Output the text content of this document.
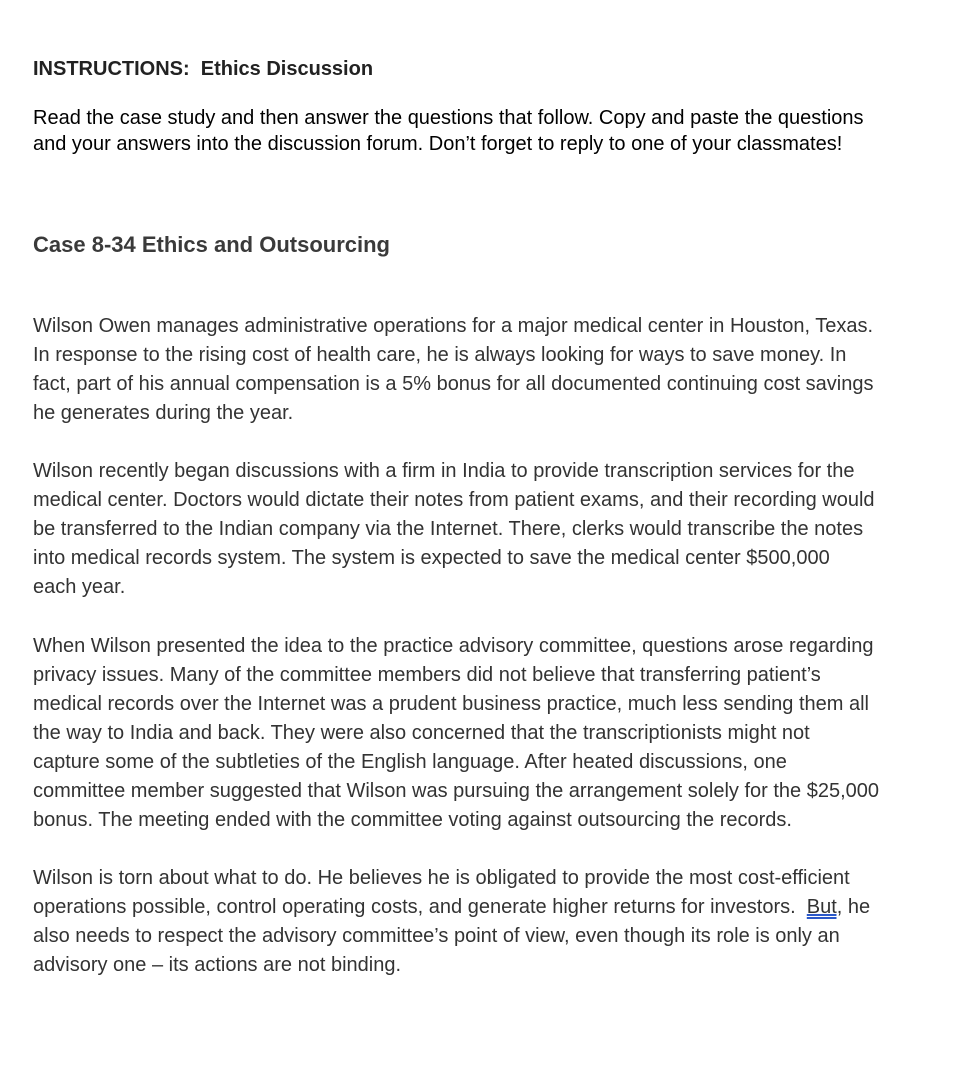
INSTRUCTIONS:  Ethics Discussion

Read the case study and then answer the questions that follow. Copy and paste the questions
and your answers into the discussion forum. Don’t forget to reply to one of your classmates!

Case 8-34 Ethics and Outsourcing

Wilson Owen manages administrative operations for a major medical center in Houston, Texas.
In response to the rising cost of health care, he is always looking for ways to save money. In
fact, part of his annual compensation is a 5% bonus for all documented continuing cost savings
he generates during the year.

Wilson recently began discussions with a firm in India to provide transcription services for the
medical center. Doctors would dictate their notes from patient exams, and their recording would
be transferred to the Indian company via the Internet. There, clerks would transcribe the notes
into medical records system. The system is expected to save the medical center $500,000
each year.

When Wilson presented the idea to the practice advisory committee, questions arose regarding
privacy issues. Many of the committee members did not believe that transferring patient’s
medical records over the Internet was a prudent business practice, much less sending them all
the way to India and back. They were also concerned that the transcriptionists might not
capture some of the subtleties of the English language. After heated discussions, one
committee member suggested that Wilson was pursuing the arrangement solely for the $25,000
bonus. The meeting ended with the committee voting against outsourcing the records.

Wilson is torn about what to do. He believes he is obligated to provide the most cost-efficient
operations possible, control operating costs, and generate higher returns for investors.  But, he
also needs to respect the advisory committee’s point of view, even though its role is only an
advisory one – its actions are not binding.
